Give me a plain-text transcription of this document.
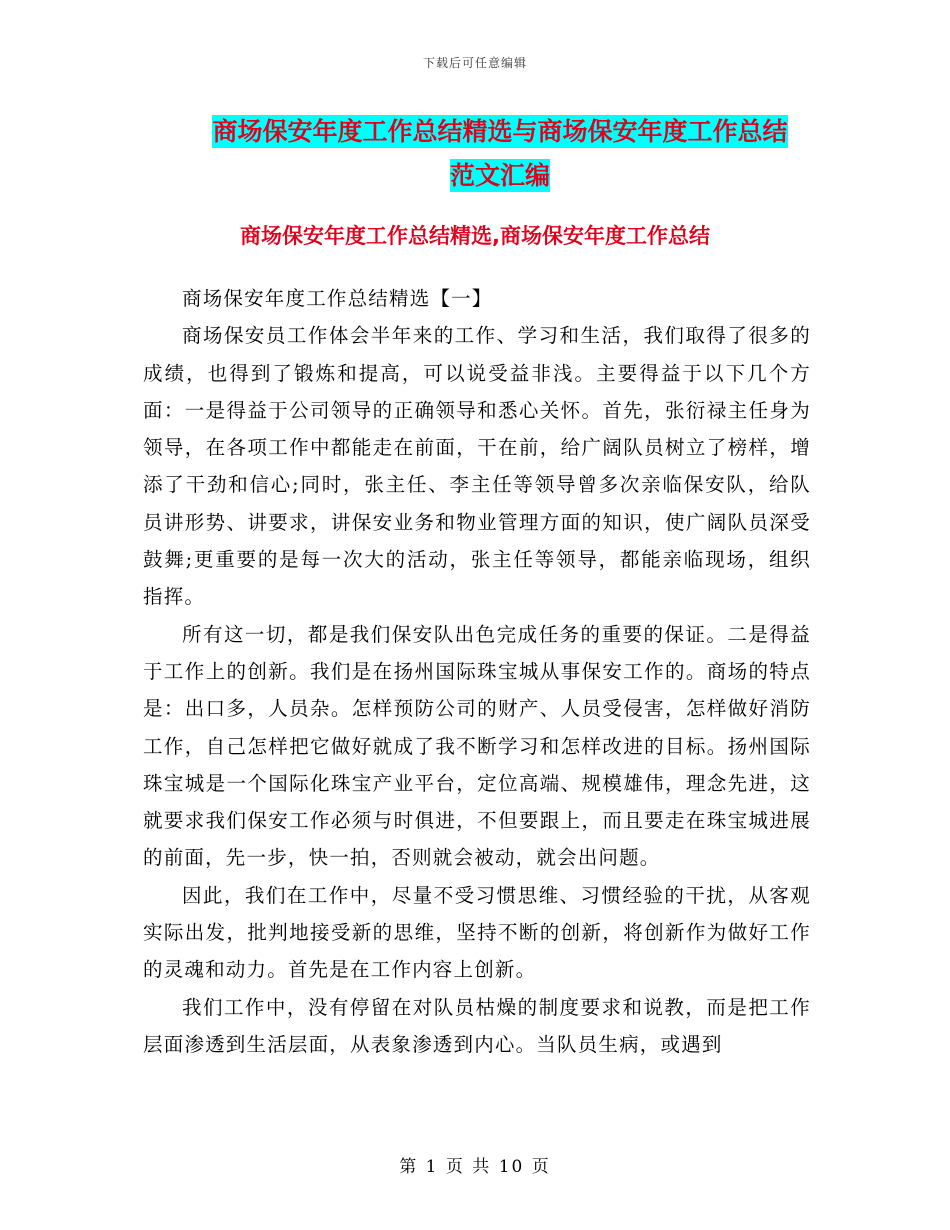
下载后可任意编辑
商场保安年度工作总结精选与商场保安年度工作总结
范文汇编
商场保安年度工作总结精选,商场保安年度工作总结

商场保安年度工作总结精选【一】

商场保安员工作体会半年来的工作、学习和生活，我们取得了很多的成绩，也得到了锻炼和提高，可以说受益非浅。主要得益于以下几个方面：一是得益于公司领导的正确领导和悉心关怀。首先，张衍禄主任身为领导，在各项工作中都能走在前面，干在前，给广阔队员树立了榜样，增添了干劲和信心;同时，张主任、李主任等领导曾多次亲临保安队，给队员讲形势、讲要求，讲保安业务和物业管理方面的知识，使广阔队员深受鼓舞;更重要的是每一次大的活动，张主任等领导，都能亲临现场，组织指挥。

所有这一切，都是我们保安队出色完成任务的重要的保证。二是得益于工作上的创新。我们是在扬州国际珠宝城从事保安工作的。商场的特点是：出口多，人员杂。怎样预防公司的财产、人员受侵害，怎样做好消防工作，自己怎样把它做好就成了我不断学习和怎样改进的目标。扬州国际珠宝城是一个国际化珠宝产业平台，定位高端、规模雄伟，理念先进，这就要求我们保安工作必须与时俱进，不但要跟上，而且要走在珠宝城进展的前面，先一步，快一拍，否则就会被动，就会出问题。

因此，我们在工作中，尽量不受习惯思维、习惯经验的干扰，从客观实际出发，批判地接受新的思维，坚持不断的创新，将创新作为做好工作的灵魂和动力。首先是在工作内容上创新。

我们工作中，没有停留在对队员枯燥的制度要求和说教，而是把工作层面渗透到生活层面，从表象渗透到内心。当队员生病，或遇到

第 1 页 共 10 页
